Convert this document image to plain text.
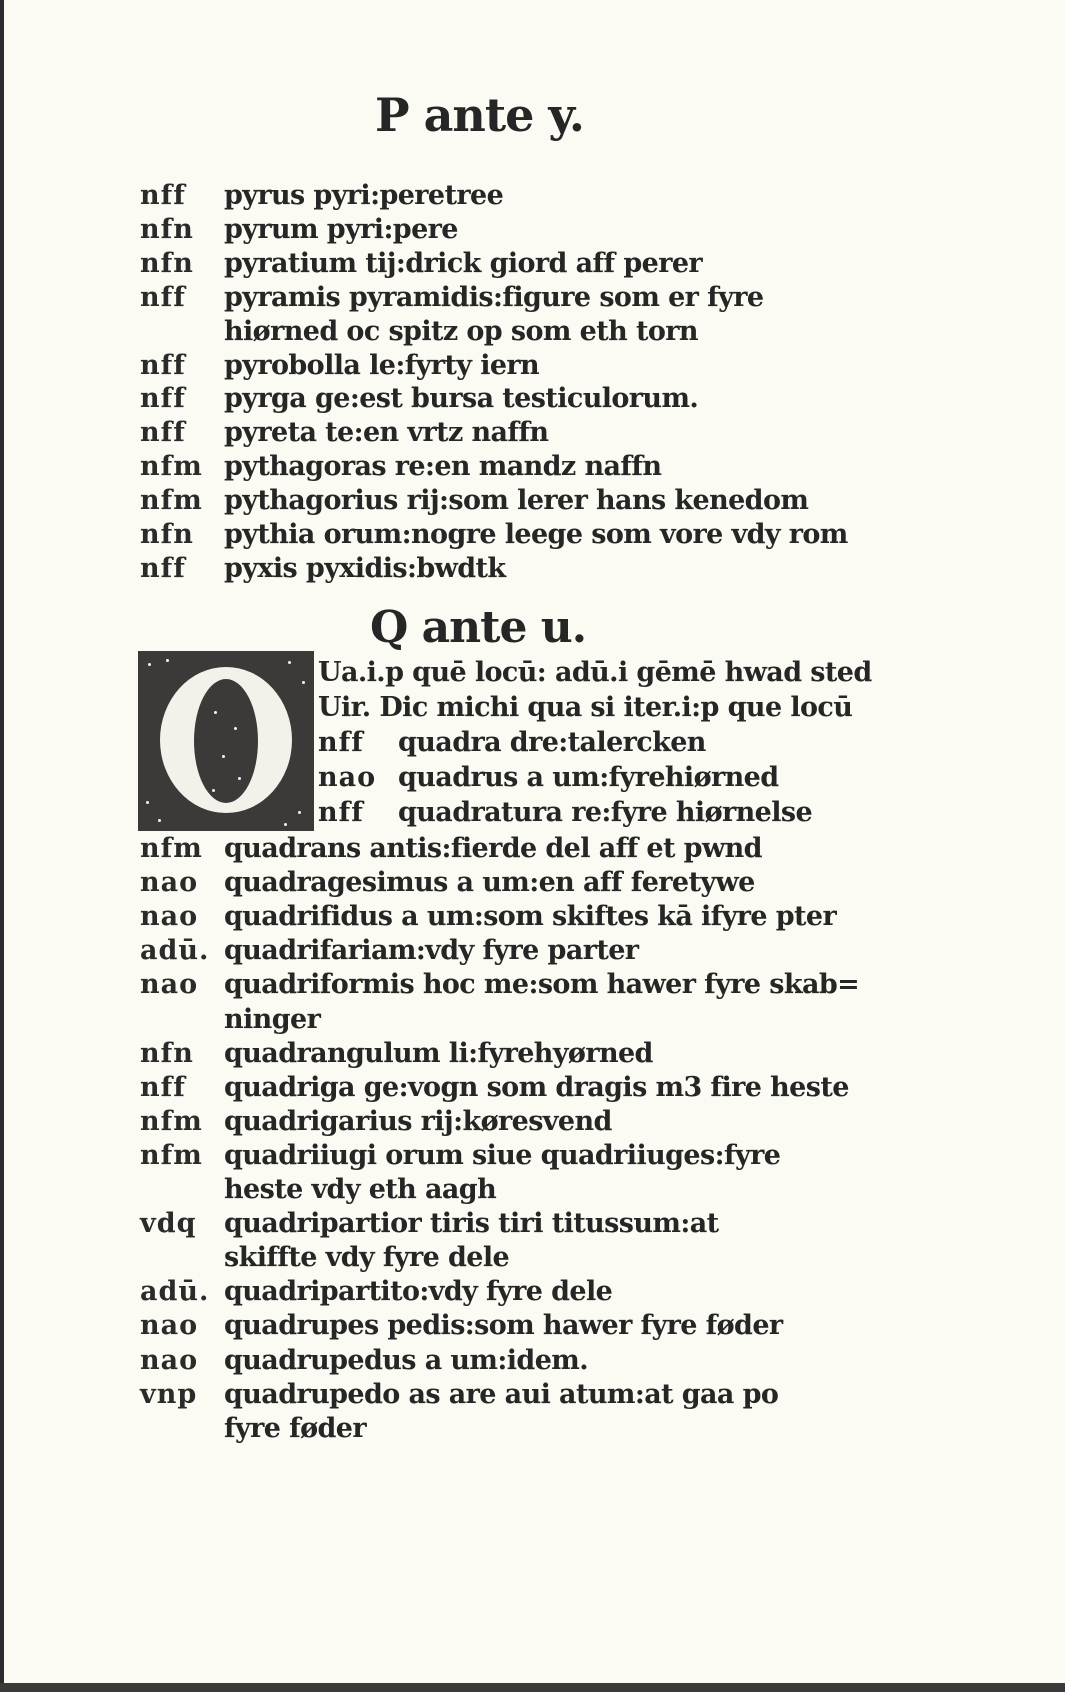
P ante y.
nff	pyrus pyri:peretree
nfn	pyrum pyri:pere
nfn	pyratium tij:drick giord aff perer
nff	pyramis pyramidis:figure som er fyre
hiørned oc spitz op som eth torn
nff	pyrobolla le:fyrty iern
nff	pyrga ge:est bursa testiculorum.
nff	pyreta te:en vrtz naffn
nfm pythagoras re:en mandz naffn
nfm pythagorius rij:som lerer hans kenedom
nfn	pythia orum:nogre leege som vore vdy rom
nff	pyxis pyxidis:bwdtk
Q ante u.
Ua.i.p quē locū: adū.i gēmē hwad sted
Uir. Dic michi qua si iter.i:p que locū
nff quadra dre:talercken
nao quadrus a um:fyrehiørned
nff quadratura re:fyre hiørnelse
nfm quadrans antis:fierde del aff et pwnd
nao quadragesimus a um:en aff feretywe
nao quadrifidus a um:som skiftes kā ifyre pter
adū. quadrifariam:vdy fyre parter
nao quadriformis hoc me:som hawer fyre skab=
ninger
nfn	quadrangulum li:fyrehyørned
nff	quadriga ge:vogn som dragis m3 fire heste
nfm quadrigarius rij:køresvend
nfm quadriiugi orum siue quadriiuges:fyre
heste vdy eth aagh
vdq	quadripartior tiris tiri titussum:at
skiffte vdy fyre dele
adū. quadripartito:vdy fyre dele
nao quadrupes pedis:som hawer fyre føder
nao quadrupedus a um:idem.
vnp quadrupedo as are aui atum:at gaa po
fyre føder
